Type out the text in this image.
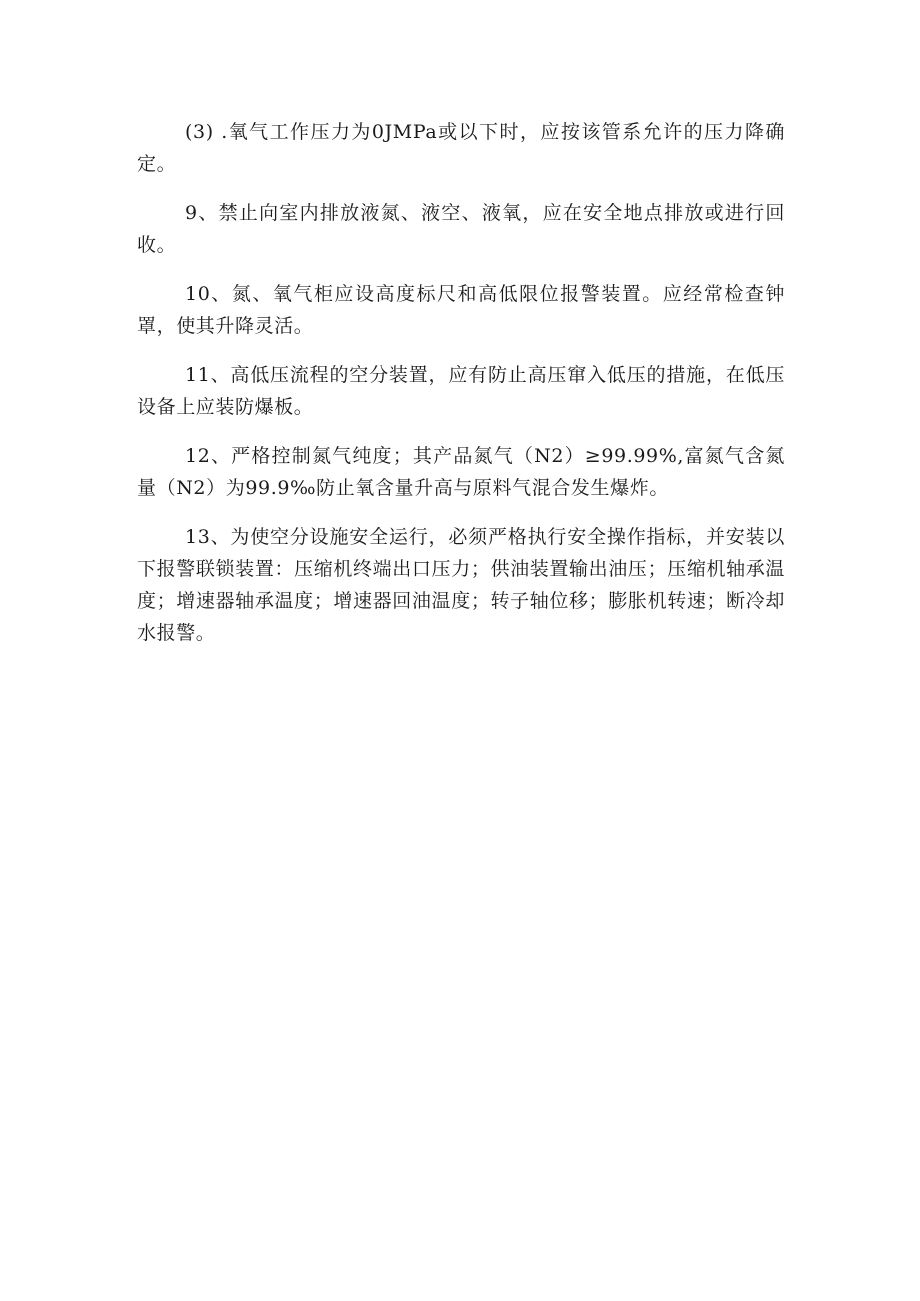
(3) .氧气工作压力为0JMPa或以下时，应按该管系允许的压力降确定。

9、禁止向室内排放液氮、液空、液氧，应在安全地点排放或进行回收。

10、氮、氧气柜应设高度标尺和高低限位报警装置。应经常检查钟罩，使其升降灵活。

11、高低压流程的空分装置，应有防止高压窜入低压的措施，在低压设备上应装防爆板。

12、严格控制氮气纯度；其产品氮气（N2）≥99.99%,富氮气含氮量（N2）为99.9‰防止氧含量升高与原料气混合发生爆炸。

13、为使空分设施安全运行，必须严格执行安全操作指标，并安装以下报警联锁装置：压缩机终端出口压力；供油装置输出油压；压缩机轴承温度；增速器轴承温度；增速器回油温度；转子轴位移；膨胀机转速；断冷却水报警。
